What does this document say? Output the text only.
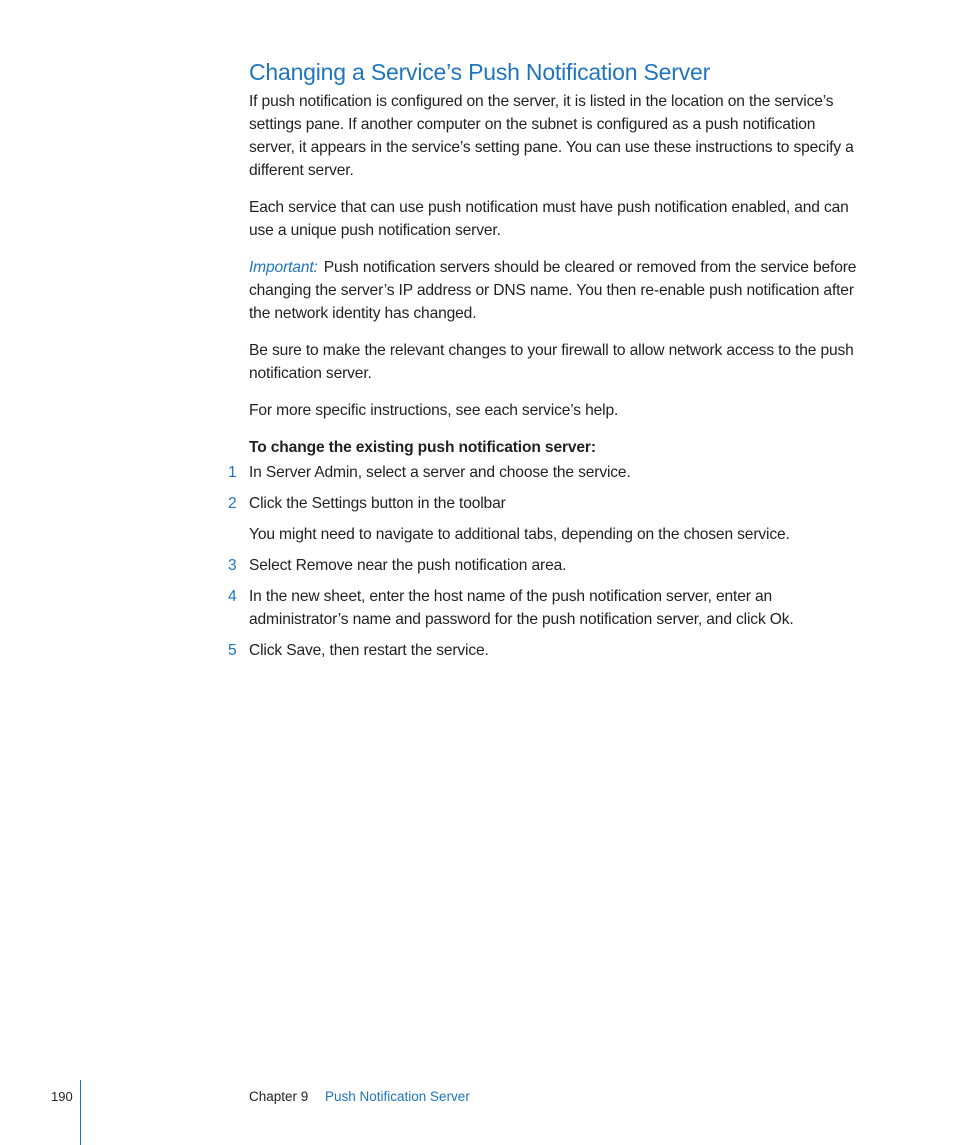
Changing a Service’s Push Notification Server

If push notification is configured on the server, it is listed in the location on the service’s settings pane. If another computer on the subnet is configured as a push notification server, it appears in the service’s setting pane. You can use these instructions to specify a different server.

Each service that can use push notification must have push notification enabled, and can use a unique push notification server.

Important: Push notification servers should be cleared or removed from the service before changing the server’s IP address or DNS name. You then re-enable push notification after the network identity has changed.

Be sure to make the relevant changes to your firewall to allow network access to the push notification server.

For more specific instructions, see each service’s help.

To change the existing push notification server:
1 In Server Admin, select a server and choose the service.
2 Click the Settings button in the toolbar
You might need to navigate to additional tabs, depending on the chosen service.
3 Select Remove near the push notification area.
4 In the new sheet, enter the host name of the push notification server, enter an administrator’s name and password for the push notification server, and click Ok.
5 Click Save, then restart the service.
190	Chapter 9 Push Notification Server
